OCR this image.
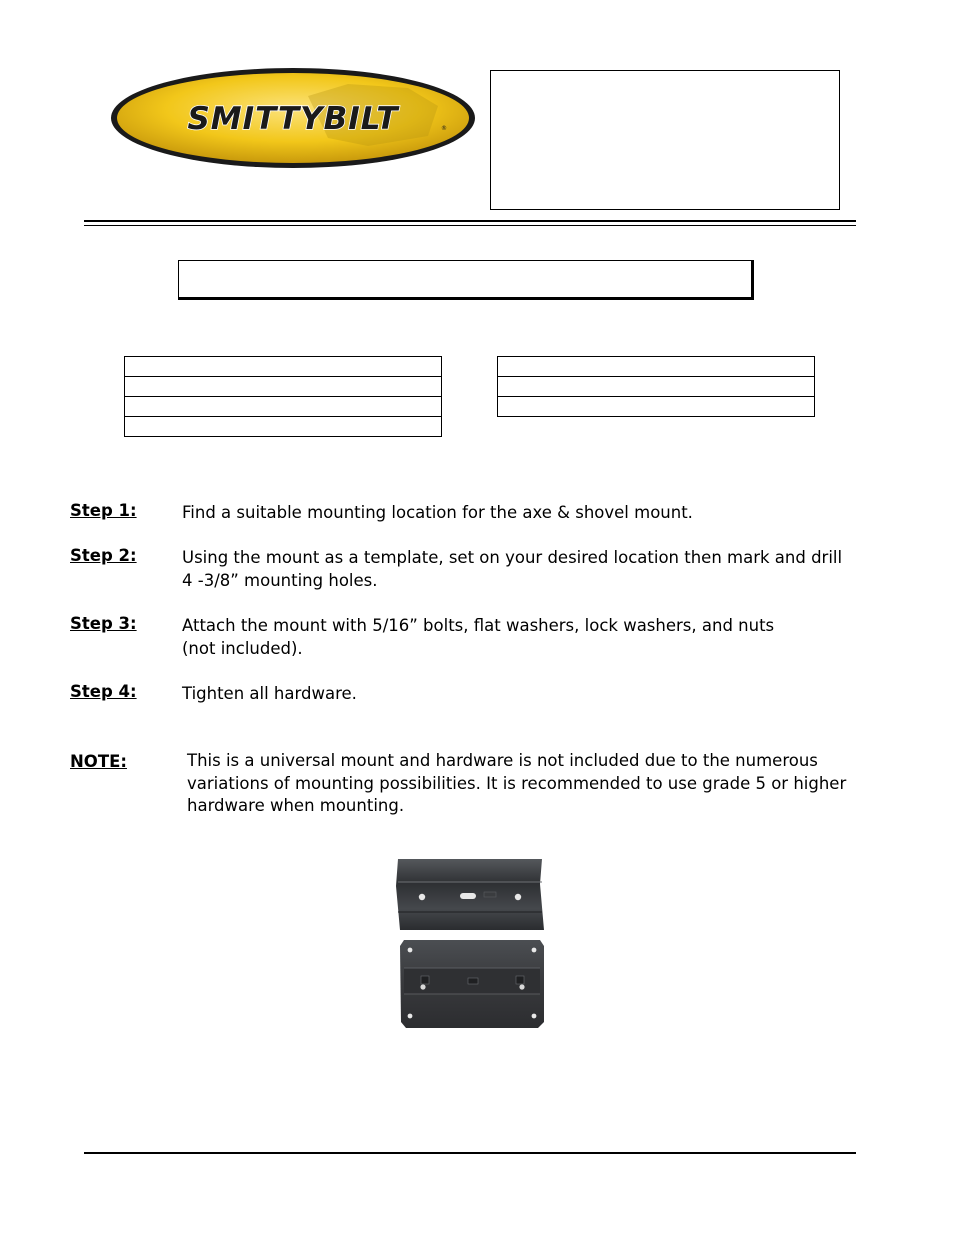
SMITTYBILT	®

Step 1:	Find a suitable mounting location for the axe & shovel mount.
Step 2:	Using the mount as a template, set on your desired location then mark and drill
4 -3/8” mounting holes.
Step 3:	Attach the mount with 5/16” bolts, flat washers, lock washers, and nuts
(not included).
Step 4:	Tighten all hardware.
NOTE:	This is a universal mount and hardware is not included due to the numerous
variations of mounting possibilities. It is recommended to use grade 5 or higher
hardware when mounting.
